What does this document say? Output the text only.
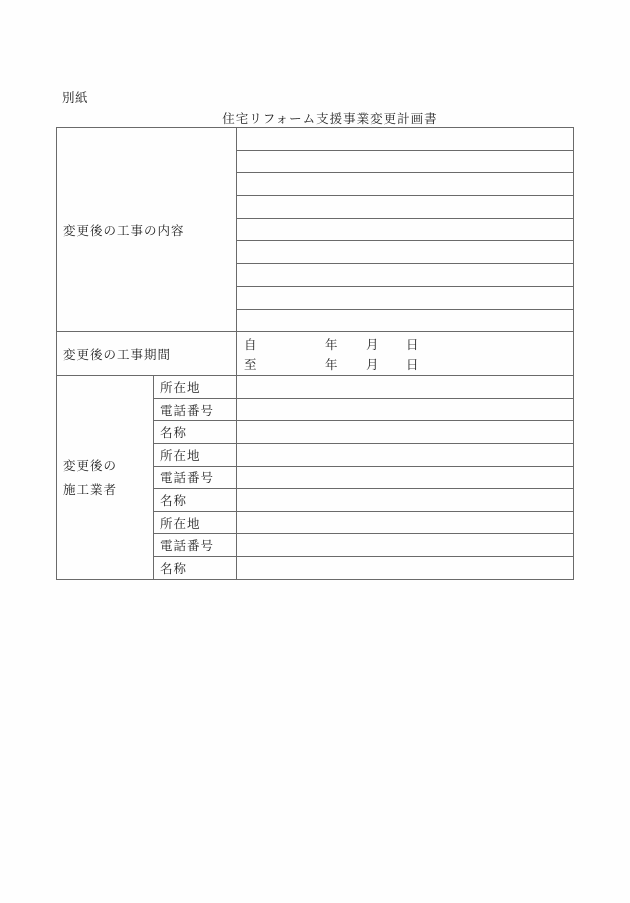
別紙
住宅リフォーム支援事業変更計画書
変更後の工事の内容		

変更後の工事期間	
自	年 月 日
至	年 月 日

変更後の
施工業者	所在地	
	電話番号	
	名称	
	所在地	
	電話番号	
	名称	
	所在地	
	電話番号	
	名称	
